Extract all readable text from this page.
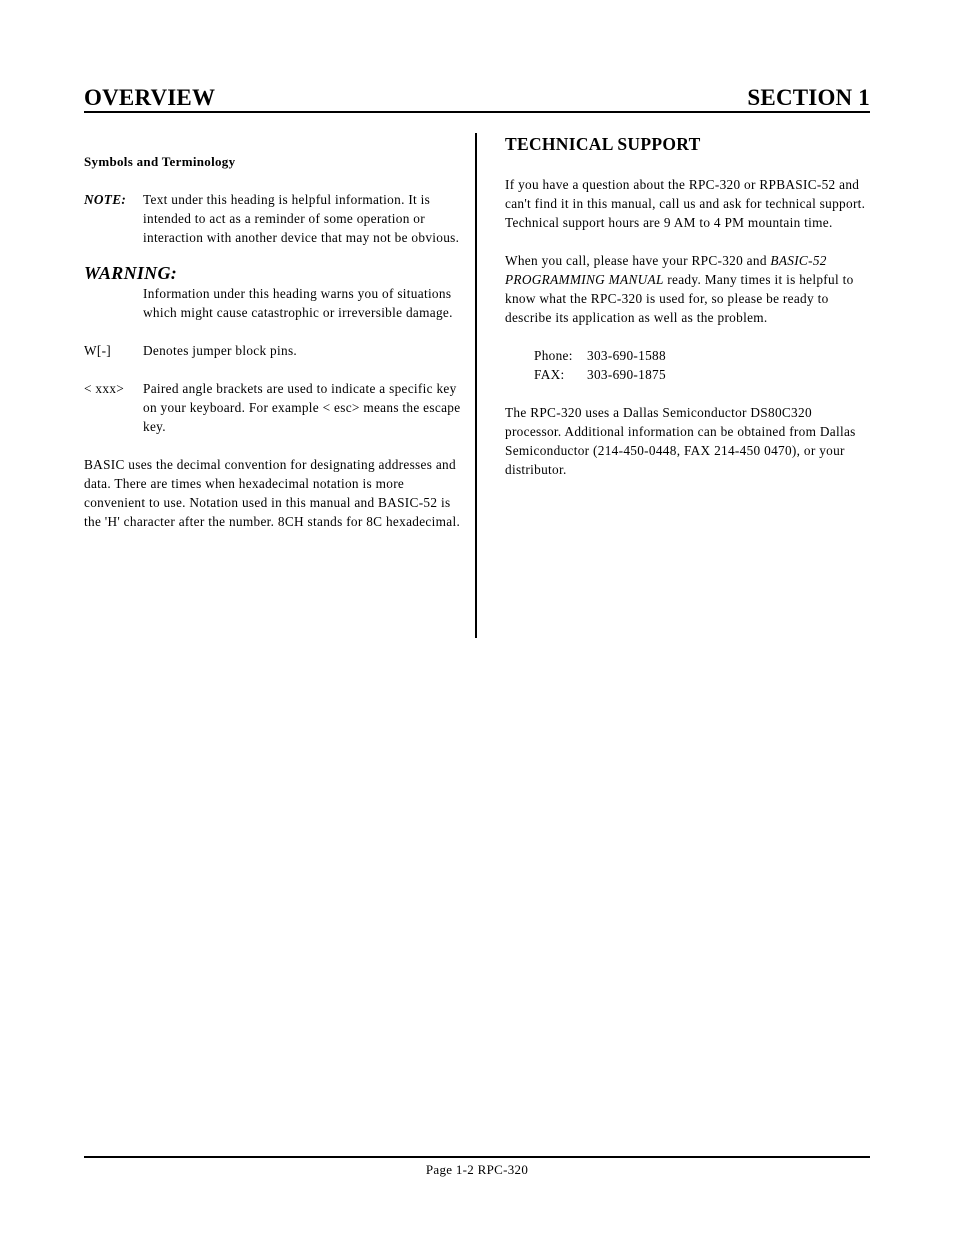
OVERVIEW	SECTION 1
Symbols and Terminology
NOTE:	Text under this heading is helpful information. It is intended to act as a reminder of some operation or interaction with another device that may not be obvious.
WARNING:
Information under this heading warns you of situations which might cause catastrophic or irreversible damage.
W[-]	Denotes jumper block pins.
< xxx>	Paired angle brackets are used to indicate a specific key on your keyboard. For example < esc> means the escape key.

BASIC uses the decimal convention for designating addresses and data. There are times when hexadecimal notation is more convenient to use. Notation used in this manual and BASIC-52 is the 'H' character after the number. 8CH stands for 8C hexadecimal.

TECHNICAL SUPPORT

If you have a question about the RPC-320 or RPBASIC-52 and can't find it in this manual, call us and ask for technical support. Technical support hours are 9 AM to 4 PM mountain time.

When you call, please have your RPC-320 and BASIC-52 PROGRAMMING MANUAL ready. Many times it is helpful to know what the RPC-320 is used for, so please be ready to describe its application as well as the problem.

Phone:	303-690-1588
FAX:	303-690-1875

The RPC-320 uses a Dallas Semiconductor DS80C320 processor. Additional information can be obtained from Dallas Semiconductor (214-450-0448, FAX 214-450 0470), or your distributor.

Page 1-2 RPC-320
